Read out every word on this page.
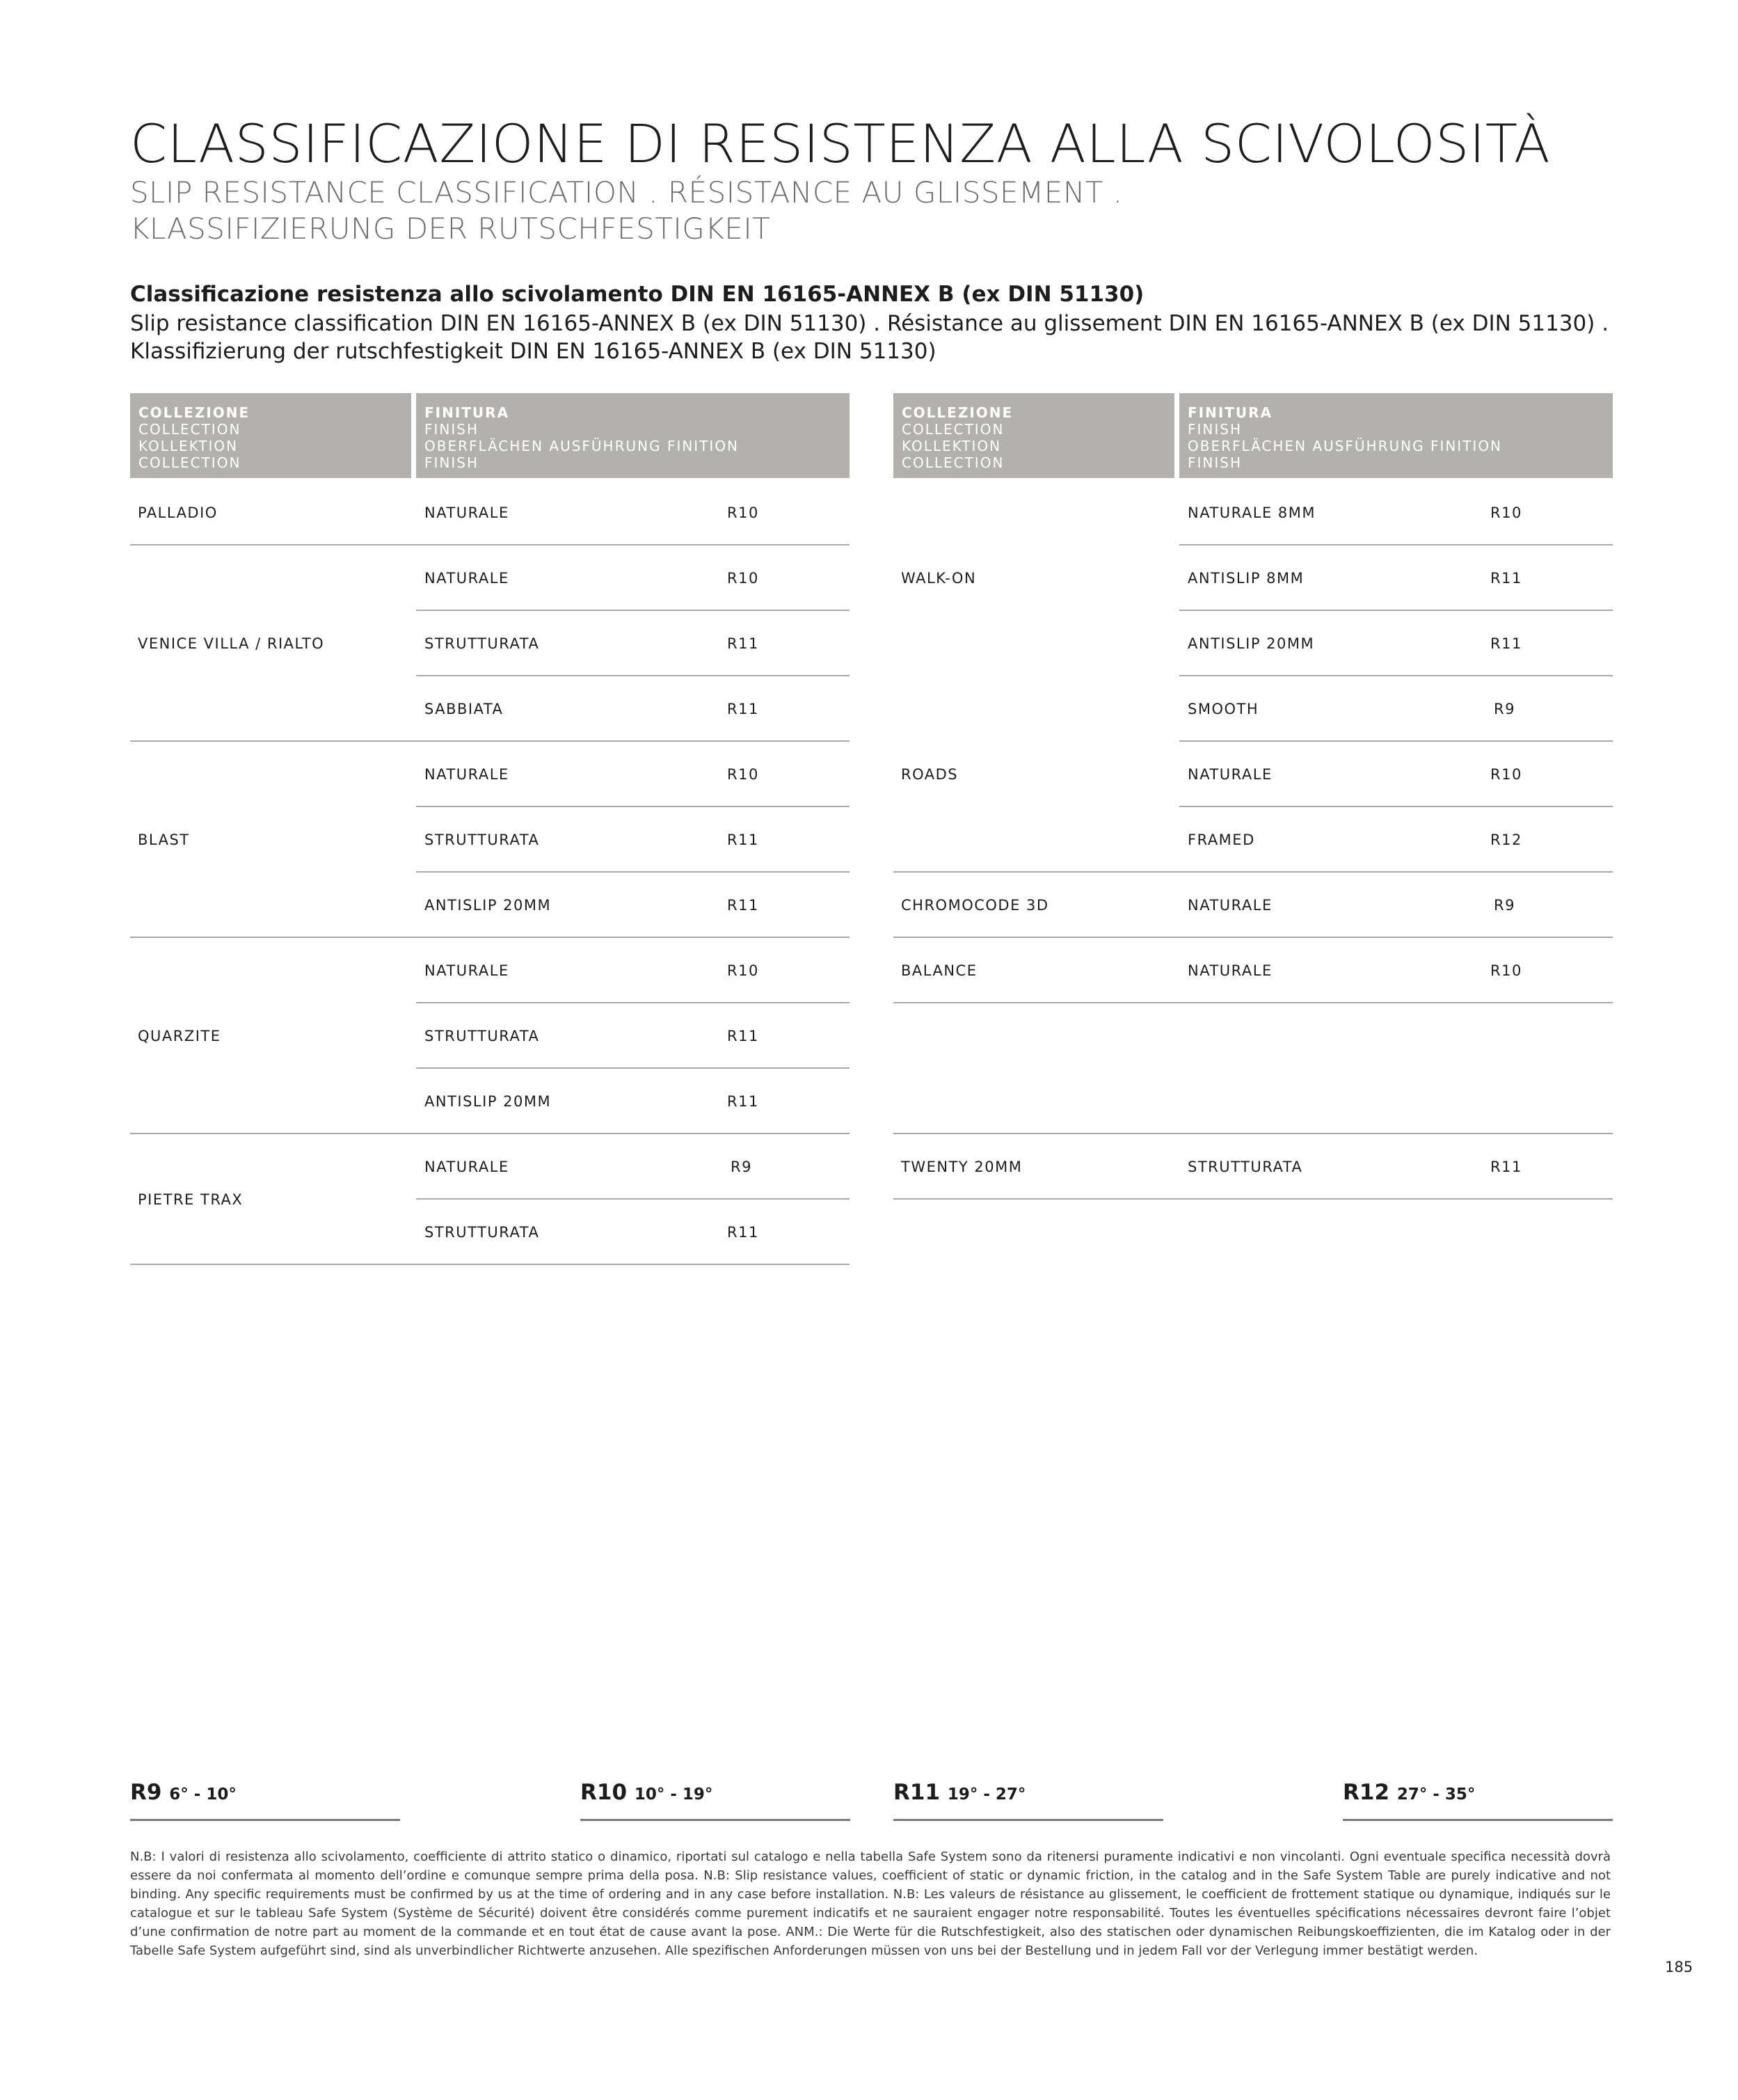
CLASSIFICAZIONE DI RESISTENZA ALLA SCIVOLOSITÀ
SLIP RESISTANCE CLASSIFICATION . RÉSISTANCE AU GLISSEMENT .
KLASSIFIZIERUNG DER RUTSCHFESTIGKEIT
Classificazione resistenza allo scivolamento DIN EN 16165-ANNEX B (ex DIN 51130)
Slip resistance classification DIN EN 16165-ANNEX B (ex DIN 51130) . Résistance au glissement DIN EN 16165-ANNEX B (ex DIN 51130) .
Klassifizierung der rutschfestigkeit DIN EN 16165-ANNEX B (ex DIN 51130)
COLLEZIONE
COLLECTION
KOLLEKTION
COLLECTION
FINITURA
FINISH
OBERFLÄCHEN AUSFÜHRUNG FINITION
FINISH
COLLEZIONE
COLLECTION
KOLLEKTION
COLLECTION
FINITURA
FINISH
OBERFLÄCHEN AUSFÜHRUNG FINITION
FINISH
PALLADIO	NATURALE	R10
VENICE VILLA / RIALTO
NATURALE	R10
STRUTTURATA	R11
SABBIATA	R11
BLAST
NATURALE	R10
STRUTTURATA	R11
ANTISLIP 20MM	R11
QUARZITE
NATURALE	R10
STRUTTURATA	R11
ANTISLIP 20MM	R11
PIETRE TRAX
NATURALE	R9
STRUTTURATA	R11
WALK-ON
NATURALE 8MM	R10
ANTISLIP 8MM	R11
ANTISLIP 20MM	R11
ROADS
SMOOTH	R9
NATURALE	R10
FRAMED	R12
CHROMOCODE 3D	NATURALE	R9
BALANCE	NATURALE	R10
TWENTY 20MM	STRUTTURATA	R11
R9 6° - 10°	R10 10° - 19°	R11 19° - 27°	R12 27° - 35°
N.B: I valori di resistenza allo scivolamento, coefficiente di attrito statico o dinamico, riportati sul catalogo e nella tabella Safe System sono da ritenersi puramente indicativi e non vincolanti. Ogni eventuale specifica necessità dovrà essere da noi confermata al momento dell’ordine e comunque sempre prima della posa. N.B: Slip resistance values, coefficient of static or dynamic friction, in the catalog and in the Safe System Table are purely indicative and not binding. Any specific requirements must be confirmed by us at the time of ordering and in any case before installation. N.B: Les valeurs de résistance au glissement, le coefficient de frottement statique ou dynamique, indiqués sur le catalogue et sur le tableau Safe System (Système de Sécurité) doivent être considérés comme purement indicatifs et ne sauraient engager notre responsabilité. Toutes les éventuelles spécifications nécessaires devront faire l’objet d’une confirmation de notre part au moment de la commande et en tout état de cause avant la pose. ANM.: Die Werte für die Rutschfestigkeit, also des statischen oder dynamischen Reibungskoeffizienten, die im Katalog oder in der Tabelle Safe System aufgeführt sind, sind als unverbindlicher Richtwerte anzusehen. Alle spezifischen Anforderungen müssen von uns bei der Bestellung und in jedem Fall vor der Verlegung immer bestätigt werden.
185
